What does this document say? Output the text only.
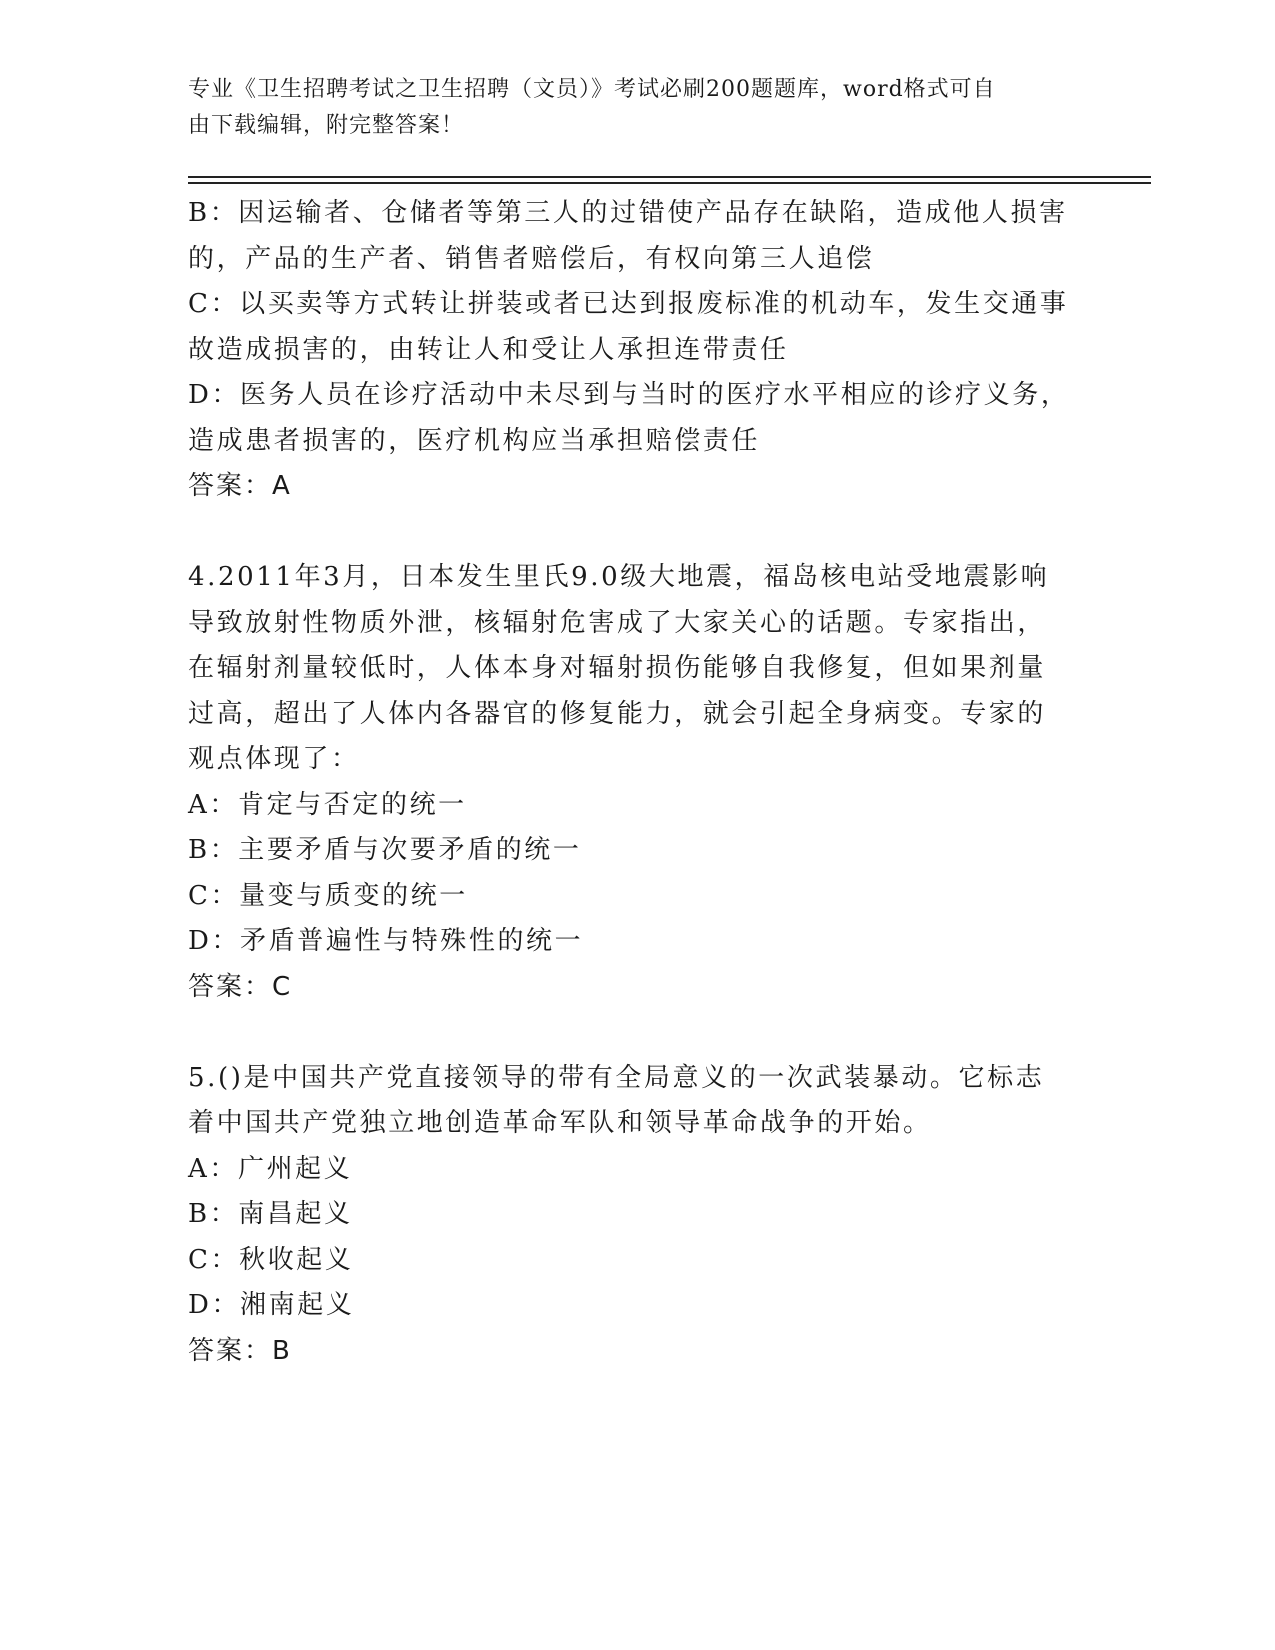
专业《卫生招聘考试之卫生招聘（文员）》考试必刷200题题库，word格式可自
由下载编辑，附完整答案！
B：因运输者、仓储者等第三人的过错使产品存在缺陷，造成他人损害
的，产品的生产者、销售者赔偿后，有权向第三人追偿
C：以买卖等方式转让拼装或者已达到报废标准的机动车，发生交通事
故造成损害的，由转让人和受让人承担连带责任
D：医务人员在诊疗活动中未尽到与当时的医疗水平相应的诊疗义务，
造成患者损害的，医疗机构应当承担赔偿责任
答案：A
4.2011年3月，日本发生里氏9.0级大地震，福岛核电站受地震影响
导致放射性物质外泄，核辐射危害成了大家关心的话题。专家指出，
在辐射剂量较低时，人体本身对辐射损伤能够自我修复，但如果剂量
过高，超出了人体内各器官的修复能力，就会引起全身病变。专家的
观点体现了：
A：肯定与否定的统一
B：主要矛盾与次要矛盾的统一
C：量变与质变的统一
D：矛盾普遍性与特殊性的统一
答案：C
5.()是中国共产党直接领导的带有全局意义的一次武装暴动。它标志
着中国共产党独立地创造革命军队和领导革命战争的开始。
A：广州起义
B：南昌起义
C：秋收起义
D：湘南起义
答案：B
